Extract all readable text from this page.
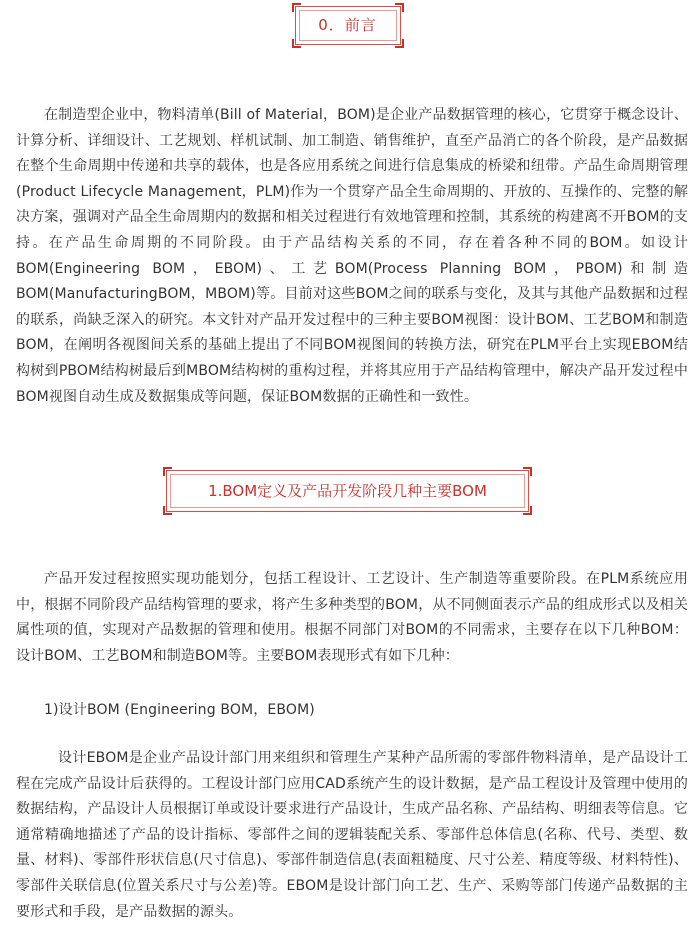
0．前言

在制造型企业中，物料清单(Bill of Material，BOM)是企业产品数据管理的核心，它贯穿于概念设计、计算分析、详细设计、工艺规划、样机试制、加工制造、销售维护，直至产品消亡的各个阶段，是产品数据在整个生命周期中传递和共享的载体，也是各应用系统之间进行信息集成的桥梁和纽带。产品生命周期管理(Product Lifecycle Management，PLM)作为一个贯穿产品全生命周期的、开放的、互操作的、完整的解决方案，强调对产品全生命周期内的数据和相关过程进行有效地管理和控制，其系统的构建离不开BOM的支持。在产品生命周期的不同阶段。由于产品结构关系的不同，存在着各种不同的BOM。如设计BOM(Engineering BOM，EBOM)、工艺BOM(Process Planning BOM，PBOM)和制造BOM(ManufacturingBOM，MBOM)等。目前对这些BOM之间的联系与变化，及其与其他产品数据和过程的联系，尚缺乏深入的研究。本文针对产品开发过程中的三种主要BOM视图：设计BOM、工艺BOM和制造BOM，在阐明各视图间关系的基础上提出了不同BOM视图间的转换方法，研究在PLM平台上实现EBOM结构树到PBOM结构树最后到MBOM结构树的重构过程，并将其应用于产品结构管理中，解决产品开发过程中BOM视图自动生成及数据集成等问题，保证BOM数据的正确性和一致性。

1.BOM定义及产品开发阶段几种主要BOM

产品开发过程按照实现功能划分，包括工程设计、工艺设计、生产制造等重要阶段。在PLM系统应用中，根据不同阶段产品结构管理的要求，将产生多种类型的BOM，从不同侧面表示产品的组成形式以及相关属性项的值，实现对产品数据的管理和使用。根据不同部门对BOM的不同需求，主要存在以下几种BOM：设计BOM、工艺BOM和制造BOM等。主要BOM表现形式有如下几种：

1)设计BOM (Engineering BOM，EBOM)

设计EBOM是企业产品设计部门用来组织和管理生产某种产品所需的零部件物料清单，是产品设计工程在完成产品设计后获得的。工程设计部门应用CAD系统产生的设计数据，是产品工程设计及管理中使用的数据结构，产品设计人员根据订单或设计要求进行产品设计，生成产品名称、产品结构、明细表等信息。它通常精确地描述了产品的设计指标、零部件之间的逻辑装配关系、零部件总体信息(名称、代号、类型、数量、材料)、零部件形状信息(尺寸信息)、零部件制造信息(表面粗糙度、尺寸公差、精度等级、材料特性)、零部件关联信息(位置关系尺寸与公差)等。EBOM是设计部门向工艺、生产、采购等部门传递产品数据的主要形式和手段，是产品数据的源头。
